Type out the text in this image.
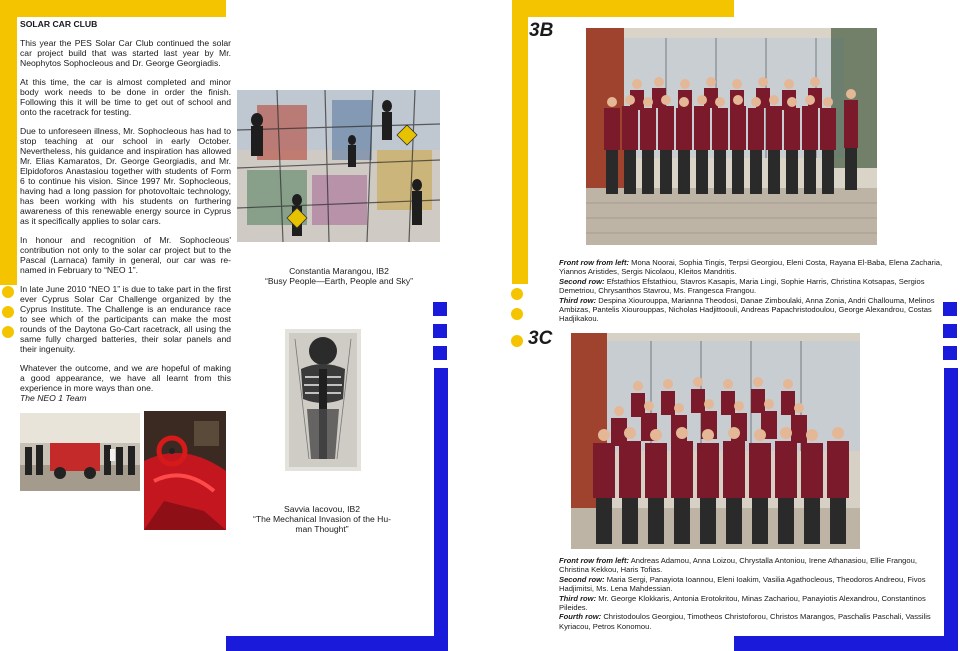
SOLAR CAR CLUB

This year the PES Solar Car Club continued the solar car project build that was started last year by Mr. Neophytos Sophocleous and Dr. George Georgiadis.

At this time, the car is almost completed and minor body work needs to be done in order the finish. Following this it will be time to get out of school and onto the racetrack for testing.

Due to unforeseen illness, Mr. Sophocleous has had to stop teaching at our school in early October. Nevertheless, his guidance and inspiration has allowed Mr. Elias Kamaratos, Dr. George Georgiadis, and Mr. Elpidoforos Anastasiou together with students of Form 6 to continue his vision. Since 1997 Mr. Sophocleous, having had a long passion for photovoltaic technology, has been working with his students on furthering awareness of this renewable energy source in Cyprus as it specifically applies to solar cars.

In honour and recognition of Mr. Sophocleous' contribution not only to the solar car project but to the Pascal (Larnaca) family in general, our car was re-named in February to “NEO 1”.

In late June 2010 “NEO 1” is due to take part in the first ever Cyprus Solar Car Challenge organized by the Cyprus Institute. The Challenge is an endurance race to see which of the participants can make the most rounds of the Daytona Go-Cart racetrack, all using the same fully charged batteries, their solar panels and their ingenuity.

Whatever the outcome, and we are hopeful of making a good appearance, we have all learnt from this experience in more ways than one.
The NEO 1 Team
Constantia Marangou, IB2
“Busy People—Earth, People and Sky”
Savvia Iacovou, IB2
“The Mechanical Invasion of the Hu-man Thought”
3B
Front row from left: Mona Noorai, Sophia Tingis, Terpsi Georgiou, Eleni Costa, Rayana El-Baba, Elena Zacharia, Yiannos Aristides, Sergis Nicolaou, Kleitos Mandritis.
Second row: Efstathios Efstathiou, Stavros Kasapis, Maria Lingi, Sophie Harris, Christina Kotsapas, Sergios Demetriou, Chrysanthos Stavrou, Ms. Frangesca Frangou.
Third row: Despina Xiourouppa, Marianna Theodosi, Danae Zimboulaki, Anna Zonia, Andri Challouma, Melinos Ambizas, Pantelis Xiourouppas, Nicholas Hadjittoouli, Andreas Papachristodoulou, George Alexandrou, Costas Hadjikakou.
3C
Front row from left: Andreas Adamou, Anna Loizou, Chrystalla Antoniou, Irene Athanasiou, Ellie Frangou, Christina Kekkou, Haris Tofias.
Second row: Maria Sergi, Panayiota Ioannou, Eleni Ioakim, Vasilia Agathocleous, Theodoros Andreou, Fivos Hadjimitsi, Ms. Lena Mahdessian.
Third row: Mr. George Klokkaris, Antonia Erotokritou, Minas Zachariou, Panayiotis Alexandrou, Constantinos Pileides.
Fourth row: Christodoulos Georgiou, Timotheos Christoforou, Christos Marangos, Paschalis Paschali, Vassilis Kyriacou, Petros Konomou.
